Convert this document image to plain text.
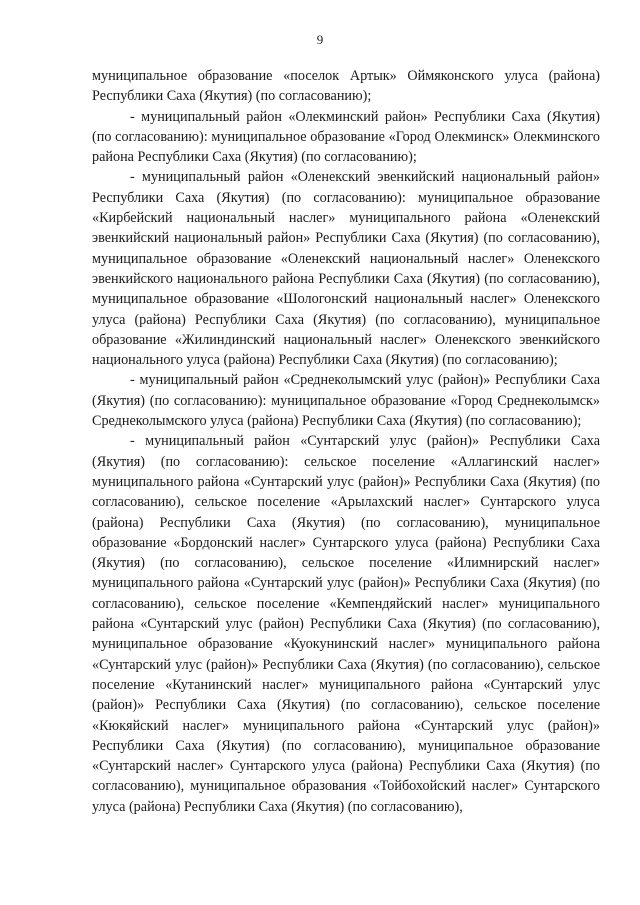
9

муниципальное образование «поселок Артык» Оймяконского улуса (района) Республики Саха (Якутия) (по согласованию);

- муниципальный район «Олекминский район» Республики Саха (Якутия) (по согласованию): муниципальное образование «Город Олекминск» Олекминского района Республики Саха (Якутия) (по согласованию);

- муниципальный район «Оленекский эвенкийский национальный район» Республики Саха (Якутия) (по согласованию): муниципальное образование «Кирбейский национальный наслег» муниципального района «Оленекский эвенкийский национальный район» Республики Саха (Якутия) (по согласованию), муниципальное образование «Оленекский национальный наслег» Оленекского эвенкийского национального района Республики Саха (Якутия) (по согласованию), муниципальное образование «Шологонский национальный наслег» Оленекского улуса (района) Республики Саха (Якутия) (по согласованию), муниципальное образование «Жилиндинский национальный наслег» Оленекского эвенкийского национального улуса (района) Республики Саха (Якутия) (по согласованию);

- муниципальный район «Среднеколымский улус (район)» Республики Саха (Якутия) (по согласованию): муниципальное образование «Город Среднеколымск» Среднеколымского улуса (района) Республики Саха (Якутия) (по согласованию);

- муниципальный район «Сунтарский улус (район)» Республики Саха (Якутия) (по согласованию): сельское поселение «Аллагинский наслег» муниципального района «Сунтарский улус (район)» Республики Саха (Якутия) (по согласованию), сельское поселение «Арылахский наслег» Сунтарского улуса (района) Республики Саха (Якутия) (по согласованию), муниципальное образование «Бордонский наслег» Сунтарского улуса (района) Республики Саха (Якутия) (по согласованию), сельское поселение «Илимнирский наслег» муниципального района «Сунтарский улус (район)» Республики Саха (Якутия) (по согласованию), сельское поселение «Кемпендяйский наслег» муниципального района «Сунтарский улус (район) Республики Саха (Якутия) (по согласованию), муниципальное образование «Куокунинский наслег» муниципального района «Сунтарский улус (район)» Республики Саха (Якутия) (по согласованию), сельское поселение «Кутанинский наслег» муниципального района «Сунтарский улус (район)» Республики Саха (Якутия) (по согласованию), сельское поселение «Кюкяйский наслег» муниципального района «Сунтарский улус (район)» Республики Саха (Якутия) (по согласованию), муниципальное образование «Сунтарский наслег» Сунтарского улуса (района) Республики Саха (Якутия) (по согласованию), муниципальное образования «Тойбохойский наслег» Сунтарского улуса (района) Республики Саха (Якутия) (по согласованию),
